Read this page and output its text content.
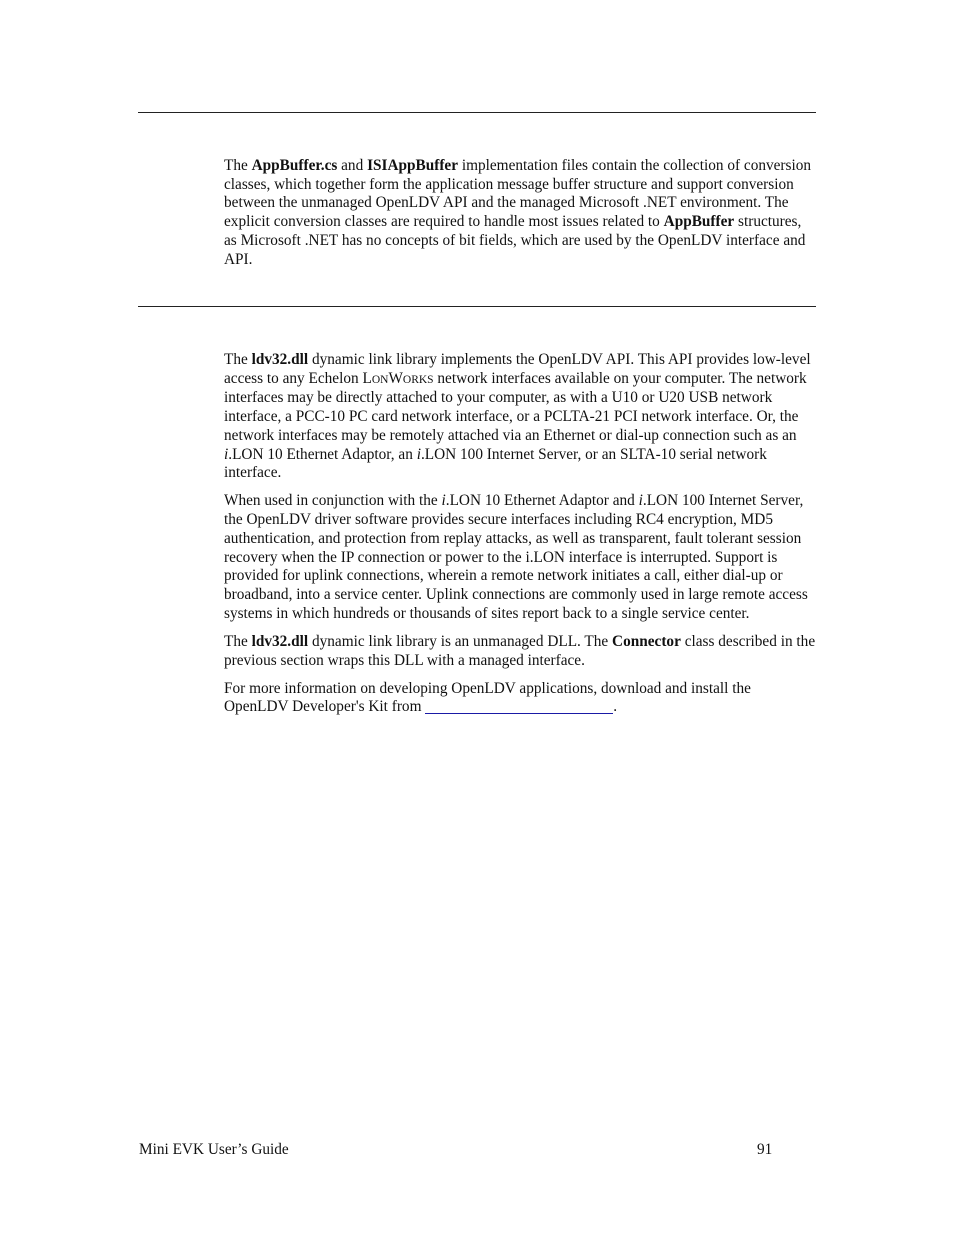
The AppBuffer.cs and ISIAppBuffer implementation files contain the collection of conversion classes, which together form the application message buffer structure and support conversion between the unmanaged OpenLDV API and the managed Microsoft .NET environment. The explicit conversion classes are required to handle most issues related to AppBuffer structures, as Microsoft .NET has no concepts of bit fields, which are used by the OpenLDV interface and API.

The ldv32.dll dynamic link library implements the OpenLDV API. This API provides low-level access to any Echelon LONWORKS network interfaces available on your computer. The network interfaces may be directly attached to your computer, as with a U10 or U20 USB network interface, a PCC-10 PC card network interface, or a PCLTA-21 PCI network interface. Or, the network interfaces may be remotely attached via an Ethernet or dial-up connection such as an i.LON 10 Ethernet Adaptor, an i.LON 100 Internet Server, or an SLTA-10 serial network interface.

When used in conjunction with the i.LON 10 Ethernet Adaptor and i.LON 100 Internet Server, the OpenLDV driver software provides secure interfaces including RC4 encryption, MD5 authentication, and protection from replay attacks, as well as transparent, fault tolerant session recovery when the IP connection or power to the i.LON interface is interrupted. Support is provided for uplink connections, wherein a remote network initiates a call, either dial-up or broadband, into a service center. Uplink connections are commonly used in large remote access systems in which hundreds or thousands of sites report back to a single service center.

The ldv32.dll dynamic link library is an unmanaged DLL. The Connector class described in the previous section wraps this DLL with a managed interface.

For more information on developing OpenLDV applications, download and install the OpenLDV Developer's Kit from	.

Mini EVK User’s Guide	91
